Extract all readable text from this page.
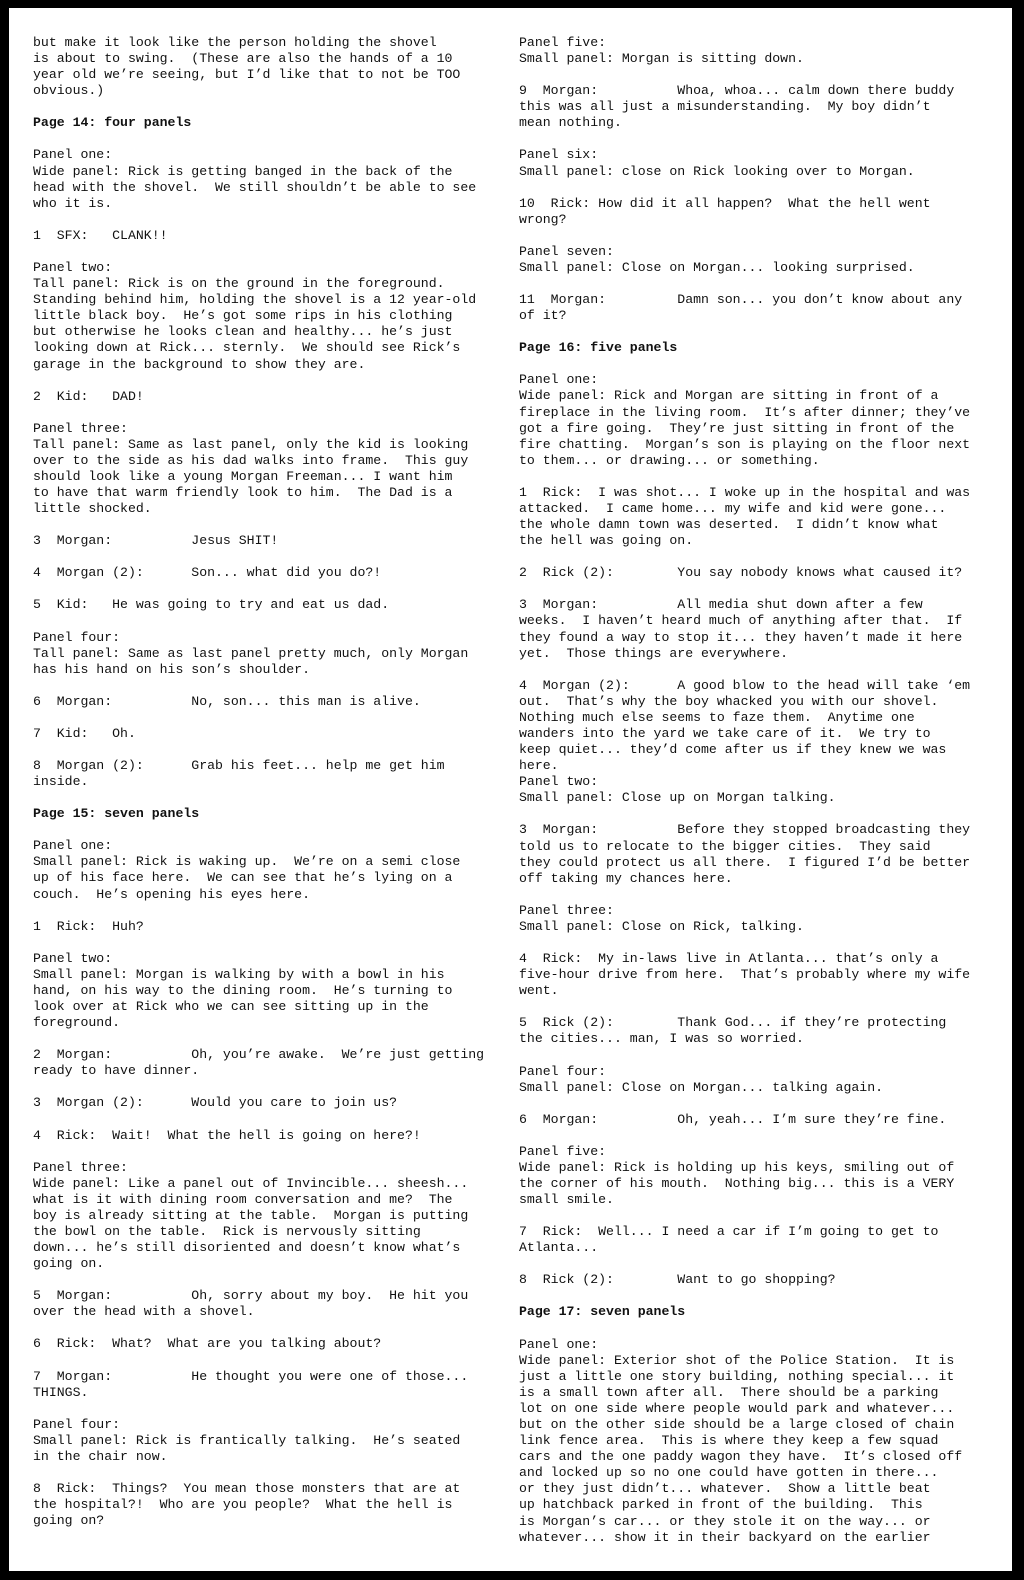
but make it look like the person holding the shovel
is about to swing.  (These are also the hands of a 10
year old we’re seeing, but I’d like that to not be TOO
obvious.)

Page 14: four panels

Panel one:
Wide panel: Rick is getting banged in the back of the
head with the shovel.  We still shouldn’t be able to see
who it is.

1  SFX:   CLANK!!

Panel two:
Tall panel: Rick is on the ground in the foreground.
Standing behind him, holding the shovel is a 12 year-old
little black boy.  He’s got some rips in his clothing
but otherwise he looks clean and healthy... he’s just
looking down at Rick... sternly.  We should see Rick’s
garage in the background to show they are.

2  Kid:   DAD!

Panel three:
Tall panel: Same as last panel, only the kid is looking
over to the side as his dad walks into frame.  This guy
should look like a young Morgan Freeman... I want him
to have that warm friendly look to him.  The Dad is a
little shocked.

3  Morgan:          Jesus SHIT!

4  Morgan (2):      Son... what did you do?!

5  Kid:   He was going to try and eat us dad.

Panel four:
Tall panel: Same as last panel pretty much, only Morgan
has his hand on his son’s shoulder.

6  Morgan:          No, son... this man is alive.

7  Kid:   Oh.

8  Morgan (2):      Grab his feet... help me get him
inside.

Page 15: seven panels

Panel one:
Small panel: Rick is waking up.  We’re on a semi close
up of his face here.  We can see that he’s lying on a
couch.  He’s opening his eyes here.

1  Rick:  Huh?

Panel two:
Small panel: Morgan is walking by with a bowl in his
hand, on his way to the dining room.  He’s turning to
look over at Rick who we can see sitting up in the
foreground.

2  Morgan:          Oh, you’re awake.  We’re just getting
ready to have dinner.

3  Morgan (2):      Would you care to join us?

4  Rick:  Wait!  What the hell is going on here?!

Panel three:
Wide panel: Like a panel out of Invincible... sheesh...
what is it with dining room conversation and me?  The
boy is already sitting at the table.  Morgan is putting
the bowl on the table.  Rick is nervously sitting
down... he’s still disoriented and doesn’t know what’s
going on.

5  Morgan:          Oh, sorry about my boy.  He hit you
over the head with a shovel.

6  Rick:  What?  What are you talking about?

7  Morgan:          He thought you were one of those...
THINGS.

Panel four:
Small panel: Rick is frantically talking.  He’s seated
in the chair now.

8  Rick:  Things?  You mean those monsters that are at
the hospital?!  Who are you people?  What the hell is
going on?

Panel five:
Small panel: Morgan is sitting down.

9  Morgan:          Whoa, whoa... calm down there buddy
this was all just a misunderstanding.  My boy didn’t
mean nothing.

Panel six:
Small panel: close on Rick looking over to Morgan.

10  Rick: How did it all happen?  What the hell went
wrong?

Panel seven:
Small panel: Close on Morgan... looking surprised.

11  Morgan:         Damn son... you don’t know about any
of it?

Page 16: five panels

Panel one:
Wide panel: Rick and Morgan are sitting in front of a
fireplace in the living room.  It’s after dinner; they’ve
got a fire going.  They’re just sitting in front of the
fire chatting.  Morgan’s son is playing on the floor next
to them... or drawing... or something.

1  Rick:  I was shot... I woke up in the hospital and was
attacked.  I came home... my wife and kid were gone...
the whole damn town was deserted.  I didn’t know what
the hell was going on.

2  Rick (2):        You say nobody knows what caused it?

3  Morgan:          All media shut down after a few
weeks.  I haven’t heard much of anything after that.  If
they found a way to stop it... they haven’t made it here
yet.  Those things are everywhere.

4  Morgan (2):      A good blow to the head will take ‘em
out.  That’s why the boy whacked you with our shovel.
Nothing much else seems to faze them.  Anytime one
wanders into the yard we take care of it.  We try to
keep quiet... they’d come after us if they knew we was
here.
Panel two:
Small panel: Close up on Morgan talking.

3  Morgan:          Before they stopped broadcasting they
told us to relocate to the bigger cities.  They said
they could protect us all there.  I figured I’d be better
off taking my chances here.

Panel three:
Small panel: Close on Rick, talking.

4  Rick:  My in-laws live in Atlanta... that’s only a
five-hour drive from here.  That’s probably where my wife
went.

5  Rick (2):        Thank God... if they’re protecting
the cities... man, I was so worried.

Panel four:
Small panel: Close on Morgan... talking again.

6  Morgan:          Oh, yeah... I’m sure they’re fine.

Panel five:
Wide panel: Rick is holding up his keys, smiling out of
the corner of his mouth.  Nothing big... this is a VERY
small smile.

7  Rick:  Well... I need a car if I’m going to get to
Atlanta...

8  Rick (2):        Want to go shopping?

Page 17: seven panels

Panel one:
Wide panel: Exterior shot of the Police Station.  It is
just a little one story building, nothing special... it
is a small town after all.  There should be a parking
lot on one side where people would park and whatever...
but on the other side should be a large closed of chain
link fence area.  This is where they keep a few squad
cars and the one paddy wagon they have.  It’s closed off
and locked up so no one could have gotten in there...
or they just didn’t... whatever.  Show a little beat
up hatchback parked in front of the building.  This
is Morgan’s car... or they stole it on the way... or
whatever... show it in their backyard on the earlier
